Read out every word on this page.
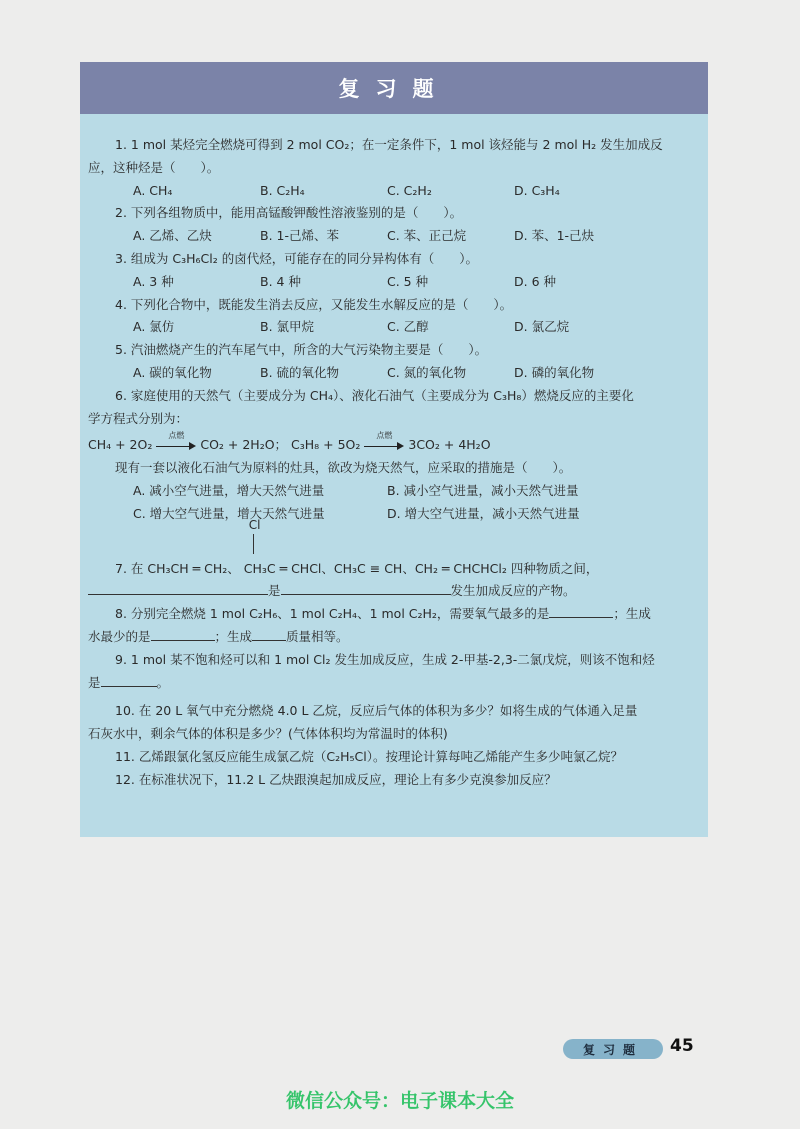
复习题
1. 1 mol 某烃完全燃烧可得到 2 mol CO₂；在一定条件下，1 mol 该烃能与 2 mol H₂ 发生加成反
应，这种烃是（　　）。
A. CH₄	B. C₂H₄	C. C₂H₂	D. C₃H₄
2. 下列各组物质中，能用高锰酸钾酸性溶液鉴别的是（　　）。
A. 乙烯、乙炔	B. 1-己烯、苯	C. 苯、正己烷	D. 苯、1-己炔
3. 组成为 C₃H₆Cl₂ 的卤代烃，可能存在的同分异构体有（　　）。
A. 3 种	B. 4 种	C. 5 种	D. 6 种
4. 下列化合物中，既能发生消去反应，又能发生水解反应的是（　　）。
A. 氯仿	B. 氯甲烷	C. 乙醇	D. 氯乙烷
5. 汽油燃烧产生的汽车尾气中，所含的大气污染物主要是（　　）。
A. 碳的氧化物	B. 硫的氧化物	C. 氮的氧化物	D. 磷的氧化物
6. 家庭使用的天然气（主要成分为 CH₄）、液化石油气（主要成分为 C₃H₈）燃烧反应的主要化
学方程式分别为：
CH₄ + 2O₂
点燃
CO₂ + 2H₂O； C₃H₈ + 5O₂
点燃
3CO₂ + 4H₂O
现有一套以液化石油气为原料的灶具，欲改为烧天然气，应采取的措施是（　　）。
A. 减小空气进量，增大天然气进量	B. 减小空气进量，减小天然气进量
C. 增大空气进量，增大天然气进量	D. 增大空气进量，减小天然气进量
7. 在 CH₃CH ═ CH₂、
Cl
CH₃C ═ CHCl、CH₃C ≡ CH、CH₂ ═ CHCHCl₂ 四种物质之间，
是	发生加成反应的产物。
8. 分别完全燃烧 1 mol C₂H₆、1 mol C₂H₄、1 mol C₂H₂，需要氧气最多的是	；生成
水最少的是	；生成	质量相等。
9. 1 mol 某不饱和烃可以和 1 mol Cl₂ 发生加成反应，生成 2-甲基-2,3-二氯戊烷，则该不饱和烃
是	。
10. 在 20 L 氧气中充分燃烧 4.0 L 乙烷，反应后气体的体积为多少？如将生成的气体通入足量
石灰水中，剩余气体的体积是多少？(气体体积均为常温时的体积)
11. 乙烯跟氯化氢反应能生成氯乙烷（C₂H₅Cl）。按理论计算每吨乙烯能产生多少吨氯乙烷？
12. 在标准状况下，11.2 L 乙炔跟溴起加成反应，理论上有多少克溴参加反应？
复习题 45
微信公众号：电子课本大全
